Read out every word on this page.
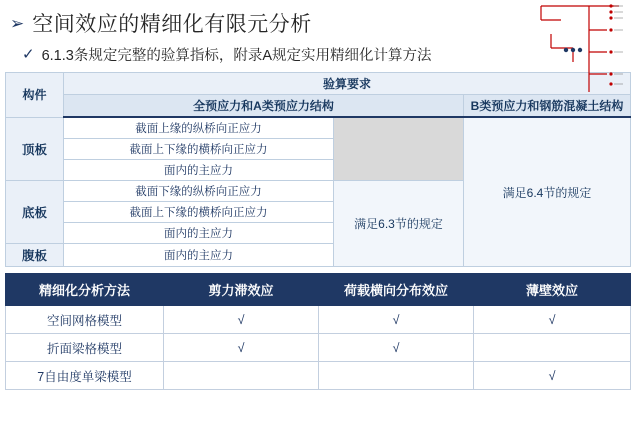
➢ 空间效应的精细化有限元分析
✓ 6.1.3条规定完整的验算指标，附录A规定实用精细化计算方法
构件	验算要求		
	全预应力和A类预应力结构		B类预应力和钢筋混凝土结构
顶板	截面上缘的纵桥向正应力		满足6.4节的规定
	截面上下缘的横桥向正应力		
	面内的主应力		
底板	截面下缘的纵桥向正应力	满足6.3节的规定	
	截面上下缘的横桥向正应力		
	面内的主应力		
腹板	面内的主应力		
精细化分析方法	剪力滞效应	荷载横向分布效应	薄壁效应
空间网格模型	√	√	√
折面梁格模型	√	√	
7自由度单梁模型			√
